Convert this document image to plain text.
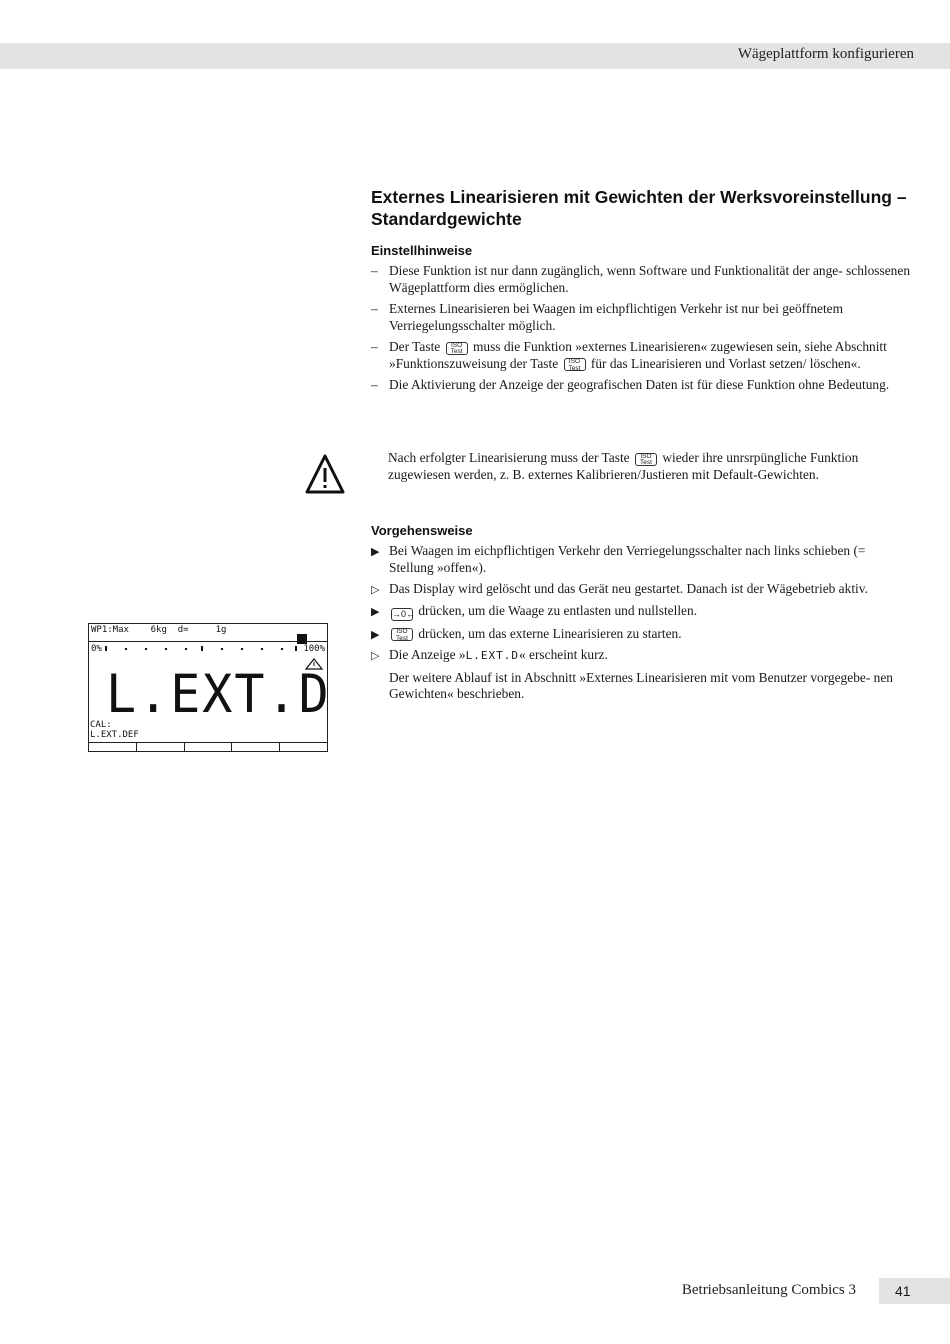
Wägeplattform konfigurieren
Externes Linearisieren mit Gewichten der Werksvoreinstellung –
Standardgewichte
Einstellhinweise
– Diese Funktion ist nur dann zugänglich, wenn Software und Funktionalität der ange- schlossenen Wägeplattform dies ermöglichen.
– Externes Linearisieren bei Waagen im eichpflichtigen Verkehr ist nur bei geöffnetem Verriegelungsschalter möglich.
– Der Taste ISO
Test muss die Funktion »externes Linearisieren« zugewiesen sein, siehe Abschnitt »Funktionszuweisung der Taste ISO
Test für das Linearisieren und Vorlast setzen/ löschen«.
– Die Aktivierung der Anzeige der geografischen Daten ist für diese Funktion ohne Bedeutung.
Nach erfolgter Linearisierung muss der Taste ISO
Test wieder ihre unrsrpüngliche Funktion zugewiesen werden, z. B. externes Kalibrieren/Justieren mit Default-Gewichten.
Vorgehensweise
▶ Bei Waagen im eichpflichtigen Verkehr den Verriegelungsschalter nach links schieben (= Stellung »offen«).
▷ Das Display wird gelöscht und das Gerät neu gestartet. Danach ist der Wägebetrieb aktiv.
▶ →0← drücken, um die Waage zu entlasten und nullstellen.
▶	ISO
Test drücken, um das externe Linearisieren zu starten.
▷ Die Anzeige »L.EXT.D« erscheint kurz.
Der weitere Ablauf ist in Abschnitt »Externes Linearisieren mit vom Benutzer vorgegebe- nen Gewichten« beschrieben.
WP1:Max    6kg  d=     1g
0%	100%
L.EXT.D
CAL:
L.EXT.DEF
Betriebsanleitung Combics 3	41
